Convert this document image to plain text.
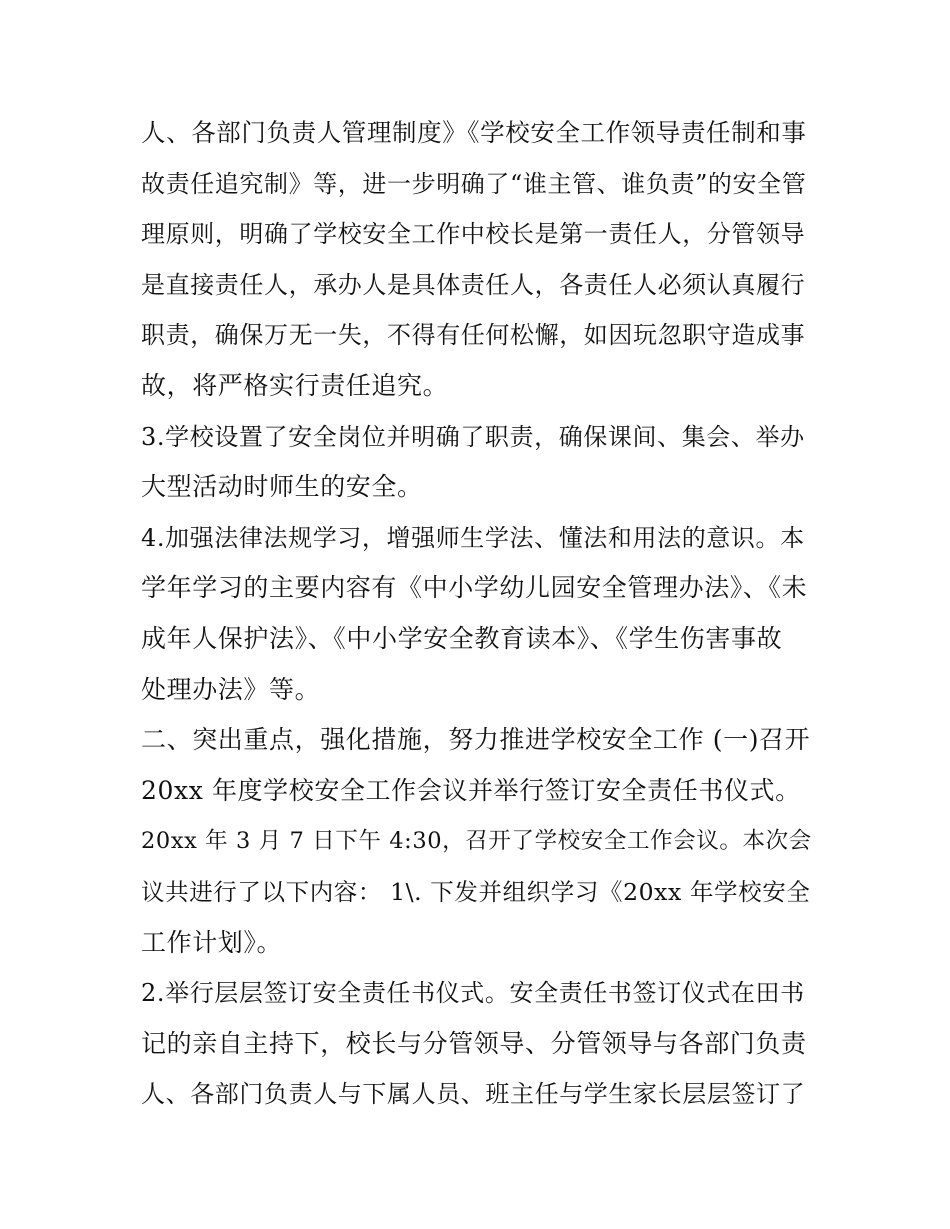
人、各部门负责人管理制度》《学校安全工作领导责任制和事
故责任追究制》等，进一步明确了“谁主管、谁负责”的安全管
理原则，明确了学校安全工作中校长是第一责任人，分管领导
是直接责任人，承办人是具体责任人，各责任人必须认真履行
职责，确保万无一失，不得有任何松懈，如因玩忽职守造成事
故，将严格实行责任追究。
3.学校设置了安全岗位并明确了职责，确保课间、集会、举办
大型活动时师生的安全。
4.加强法律法规学习，增强师生学法、懂法和用法的意识。本
学年学习的主要内容有《中小学幼儿园安全管理办法》、《未
成年人保护法》、《中小学安全教育读本》、《学生伤害事故
处理办法》等。
二、突出重点，强化措施，努力推进学校安全工作 (一)召开
20xx 年度学校安全工作会议并举行签订安全责任书仪式。
20xx 年 3 月 7 日下午 4:30，召开了学校安全工作会议。本次会
议共进行了以下内容： 1\. 下发并组织学习《20xx 年学校安全
工作计划》。
2.举行层层签订安全责任书仪式。安全责任书签订仪式在田书
记的亲自主持下，校长与分管领导、分管领导与各部门负责
人、各部门负责人与下属人员、班主任与学生家长层层签订了
